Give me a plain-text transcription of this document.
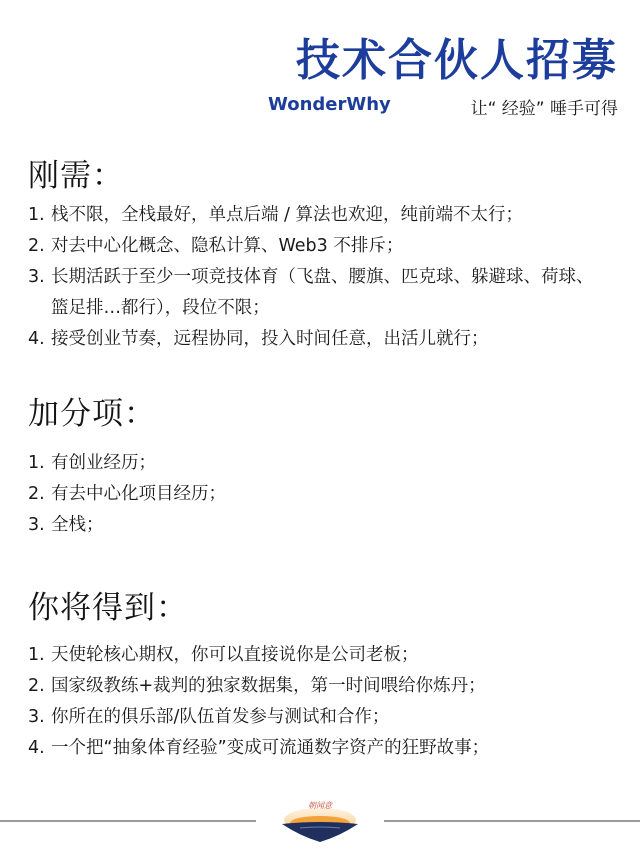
技术合伙人招募
WonderWhy	让“ 经验” 唾手可得
刚需：
1. 栈不限，全栈最好，单点后端 / 算法也欢迎，纯前端不太行；
2. 对去中心化概念、隐私计算、Web3 不排斥；
3. 长期活跃于至少一项竞技体育（飞盘、腰旗、匹克球、躲避球、荷球、篮足排…都行），段位不限；
4. 接受创业节奏，远程协同，投入时间任意，出活儿就行；
加分项：
1. 有创业经历；
2. 有去中心化项目经历；
3. 全栈；
你将得到：
1. 天使轮核心期权，你可以直接说你是公司老板；
2. 国家级教练+裁判的独家数据集，第一时间喂给你炼丹；
3. 你所在的俱乐部/队伍首发参与测试和合作；
4. 一个把“抽象体育经验”变成可流通数字资产的狂野故事；
朝闻意
